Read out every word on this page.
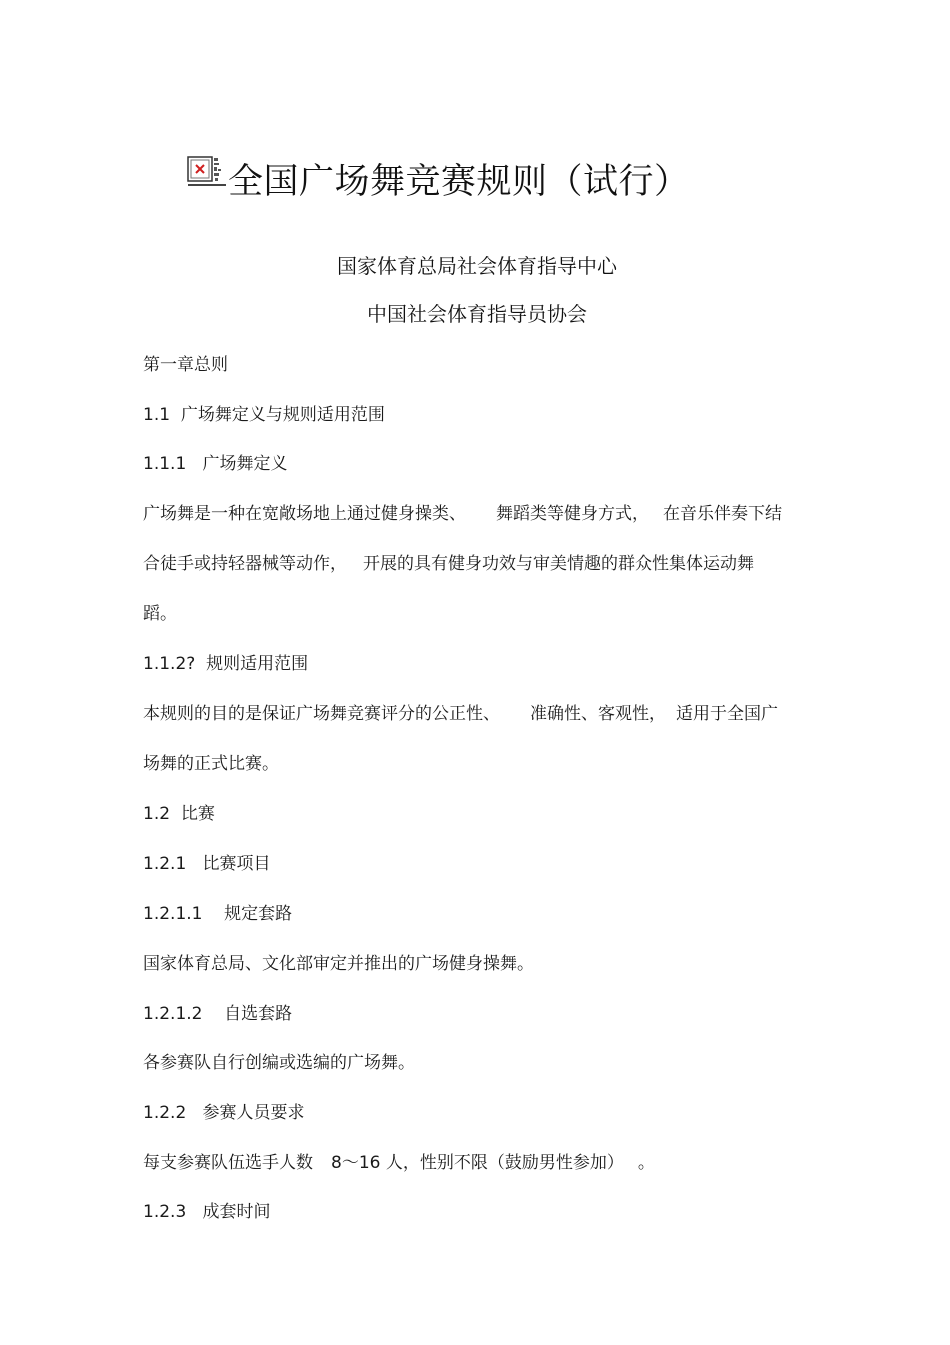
全国广场舞竞赛规则（试行）
国家体育总局社会体育指导中心
中国社会体育指导员协会
第一章总则
1.1  广场舞定义与规则适用范围
1.1.1   广场舞定义
广场舞是一种在宽敞场地上通过健身操类、 舞蹈类等健身方式， 在音乐伴奏下结
合徒手或持轻器械等动作， 开展的具有健身功效与审美情趣的群众性集体运动舞
蹈。
1.1.2?  规则适用范围
本规则的目的是保证广场舞竞赛评分的公正性、 准确性、客观性， 适用于全国广
场舞的正式比赛。
1.2  比赛
1.2.1   比赛项目
1.2.1.1    规定套路
国家体育总局、文化部审定并推出的广场健身操舞。
1.2.1.2    自选套路
各参赛队自行创编或选编的广场舞。
1.2.2   参赛人员要求
每支参赛队伍选手人数 8～16 人，性别不限（鼓励男性参加） 。
1.2.3   成套时间
